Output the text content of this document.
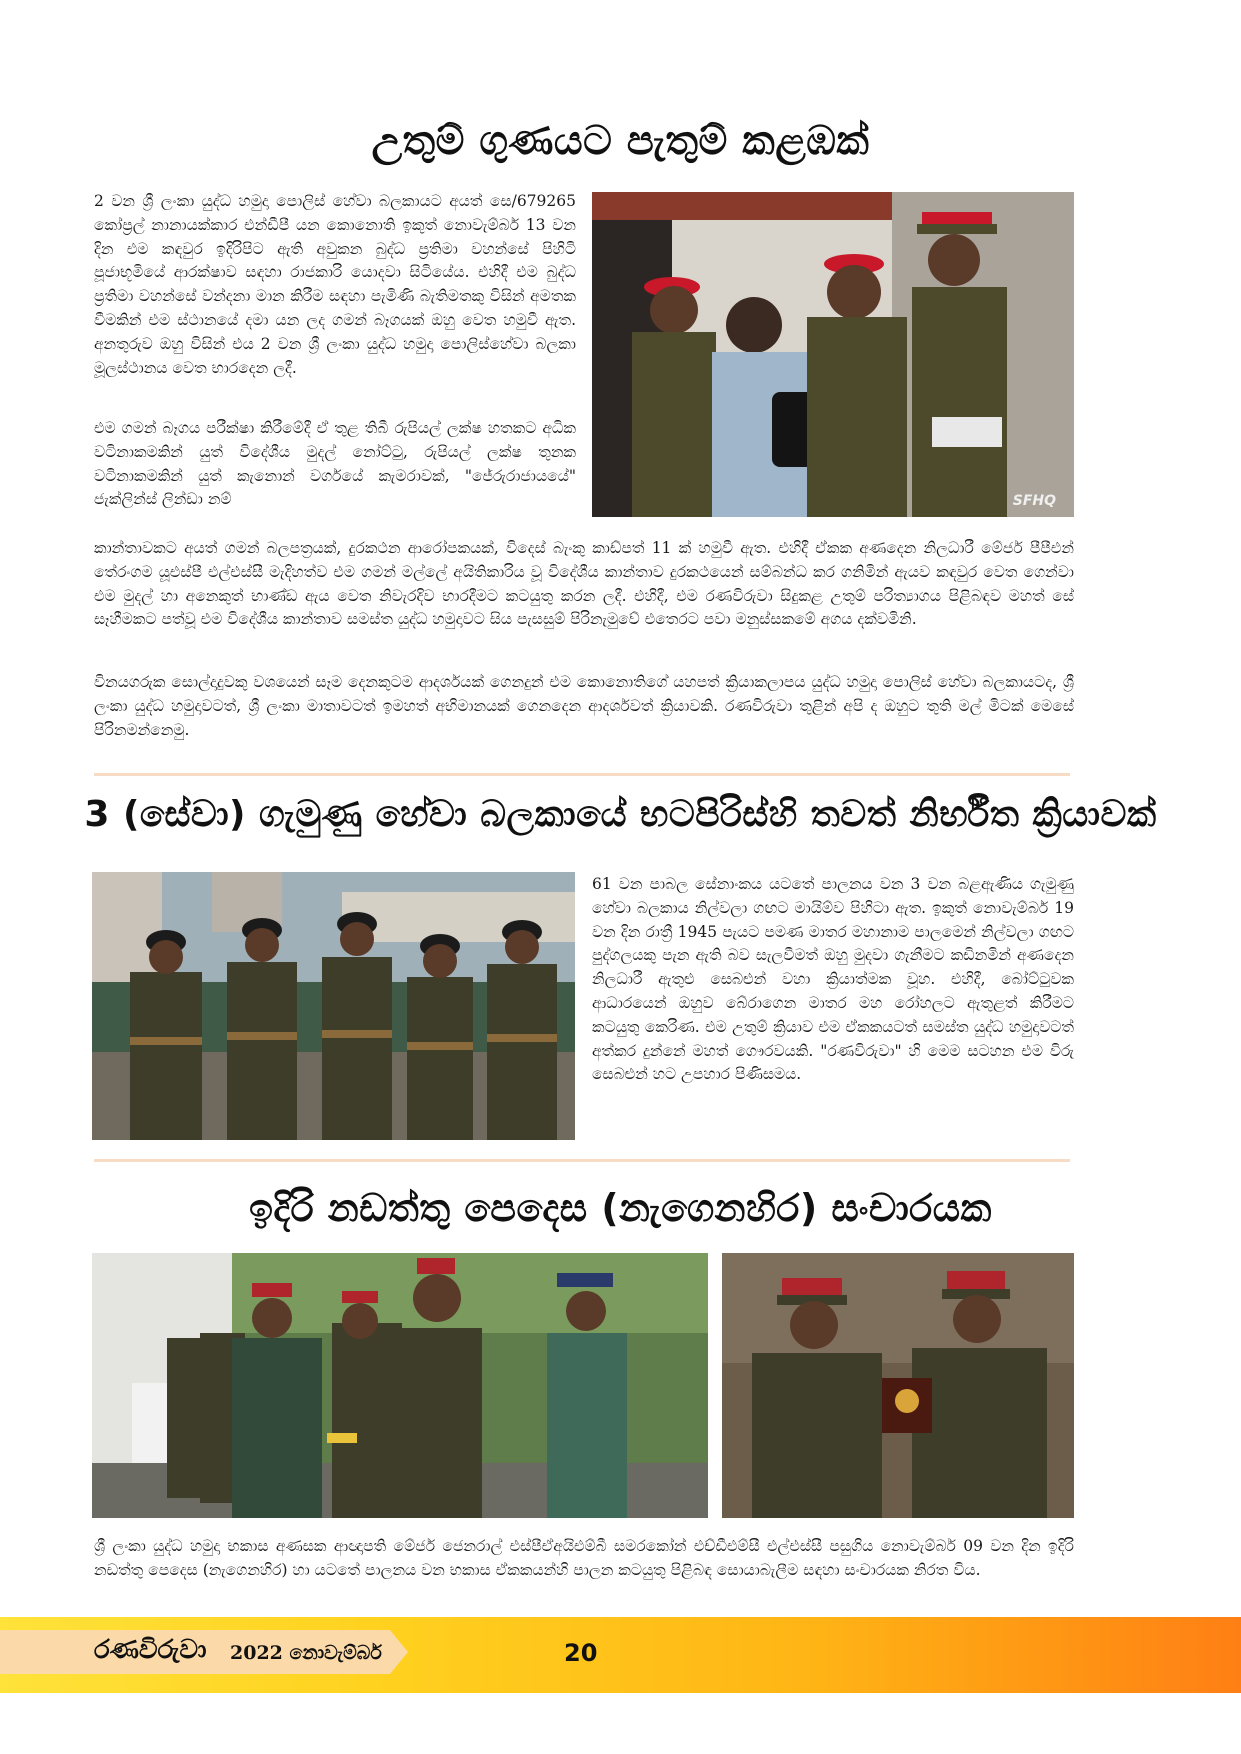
උතුම් ගුණයට පැතුම් කළඹක්

2 වන ශ්‍රී ලංකා යුද්ධ හමුදා පොලිස් හේවා බලකායට අයත් සෙ/679265 කෝප්‍රල් නානායක්කාර එන්ඩීපී යන කොනොති ඉකුත් නොවැම්බර් 13 වන දින එම කඳවුර ඉදිරිපිට ඇති අවුකන බුද්ධ ප්‍රතිමා වහන්සේ පිහිටි පූජාභූමියේ ආරක්ෂාව සඳහා රාජකාරි යොදවා සිටියේය. එහිදී එම බුද්ධ ප්‍රතිමා වහන්සේ වන්දනා මාන කිරීම සඳහා පැමිණි බැතිමතකු විසින් අමතක වීමකින් එම ස්ථානයේ දමා යන ලද ගමන් බෑගයක් ඔහු වෙත හමුවී ඇත. අනතුරුව ඔහු විසින් එය 2 වන ශ්‍රී ලංකා යුද්ධ හමුදා පොලිස්හේවා බලකා මූලස්ථානය වෙත භාරදෙන ලදී.

එම ගමන් බෑගය පරීක්ෂා කිරීමේදී ඒ තුළ තිබී රුපියල් ලක්ෂ හතකට අධික වටිනාකමකින් යුත් විදේශීය මුදල් නෝට්ටු, රුපියල් ලක්ෂ තුනක වටිනාකමකින් යුත් කැනොන් වර්ගයේ කැමරාවක්, "ජේරුරාජායයේ" ජැක්ලින්ස් ලින්ඩා නම්	SFHQ

කාන්තාවකට අයත් ගමන් බලපත්‍රයක්, දුරකථන ආරෝපකයක්, විදෙස් බැංකු කාඩ්පත් 11 ක් හමුවී ඇත. එහිදී ඒකක අණදෙන නිලධාරී මේජර් පීපීඑන් තේරංගම යූඑස්පී එල්එස්සී මැදිහත්ව එම ගමන් මල්ලේ අයිතිකාරිය වූ විදේශීය කාන්තාව දුරකථයෙන් සම්බන්ධ කර ගනිමින් ඇයව කඳවුර වෙත ගෙන්වා එම මුදල් හා අනෙකුත් භාණ්ඩ ඇය වෙත නිවැරදිව භාරදීමට කටයුතු කරන ලදී. එහිදී, එම රණවිරුවා සිදුකළ උතුම් පරිත්‍යාගය පිළිබඳව මහත් සේ සෑහීමකට පත්වූ එම විදේශීය කාන්තාව සමස්ත යුද්ධ හමුදාවට සිය පැසසුම් පිරිනැමුවේ එතෙරට පවා මනුස්සකමේ අගය දක්වමිනි.

විනයගරුක සොල්දාදුවකු වශයෙන් සෑම දෙනකුටම ආදර්ශයක් ගෙනදුන් එම කොනොතිගේ යහපත් ක්‍රියාකලාපය යුද්ධ හමුදා පොලිස් හේවා බලකායටද, ශ්‍රී ලංකා යුද්ධ හමුදාවටත්, ශ්‍රී ලංකා මාතාවටත් ඉමහත් අභිමානයක් ගෙනදෙන ආදර්ශවත් ක්‍රියාවකි. රණවිරුවා තුළින් අපි ද ඔහුට තුති මල් මිටක් මෙසේ පිරිනමන්නෙමු.

3 (සේවා) ගැමුණු හේවා බලකායේ භටපිරිස්හි තවත් නිර්භීත ක්‍රියාවක්

61 වන පාබල සේනාංකය යටතේ පාලනය වන 3 වන බළඇණිය ගැමුණු හේවා බලකාය නිල්වලා ගඟට මායිම්ව පිහිටා ඇත. ඉකුත් නොවැම්බර් 19 වන දින රාත්‍රී 1945 පැයට පමණ මාතර මහානාම පාලමෙන් නිල්වලා ගඟට පුද්ගලයකු පැන ඇති බව සැලවීමත් ඔහු මුදවා ගැනීමට කඩිනමින් අණදෙන නිලධාරී ඇතුළු සෙබළුන් වහා ක්‍රියාත්මක වූහ. එහිදී, බෝට්ටුවක ආධාරයෙන් ඔහුව බේරාගෙන මාතර මහ රෝහලට ඇතුළත් කිරීමට කටයුතු කෙරිණ. එම උතුම් ක්‍රියාව එම ඒකකයටත් සමස්ත යුද්ධ හමුදාවටත් අත්කර දුන්නේ මහත් ගෞරවයකි. "රණවිරුවා" හි මෙම සටහන එම විරු සෙබළුන් හට උපහාර පිණිසමය.

ඉදිරි නඩත්තු පෙදෙස (නැගෙනහිර) සංචාරයක

ශ්‍රී ලංකා යුද්ධ හමුදා භකාස අණසක ආඥාපති මේජර් ජෙනරාල් එස්පීඒඅයිඑම්බී සමරකෝන් එච්ඩීඑම්සී එල්එස්සී පසුගිය නොවැම්බර් 09 වන දින ඉදිරි නඩත්තු පෙදෙස (නැගෙනහිර) හා යටතේ පාලනය වන භකාස ඒකකයන්හි පාලන කටයුතු පිළිබඳ සොයාබැලීම සඳහා සංචාරයක නිරත විය.

රණවිරුවා 2022 නොවැම්බර්	20
